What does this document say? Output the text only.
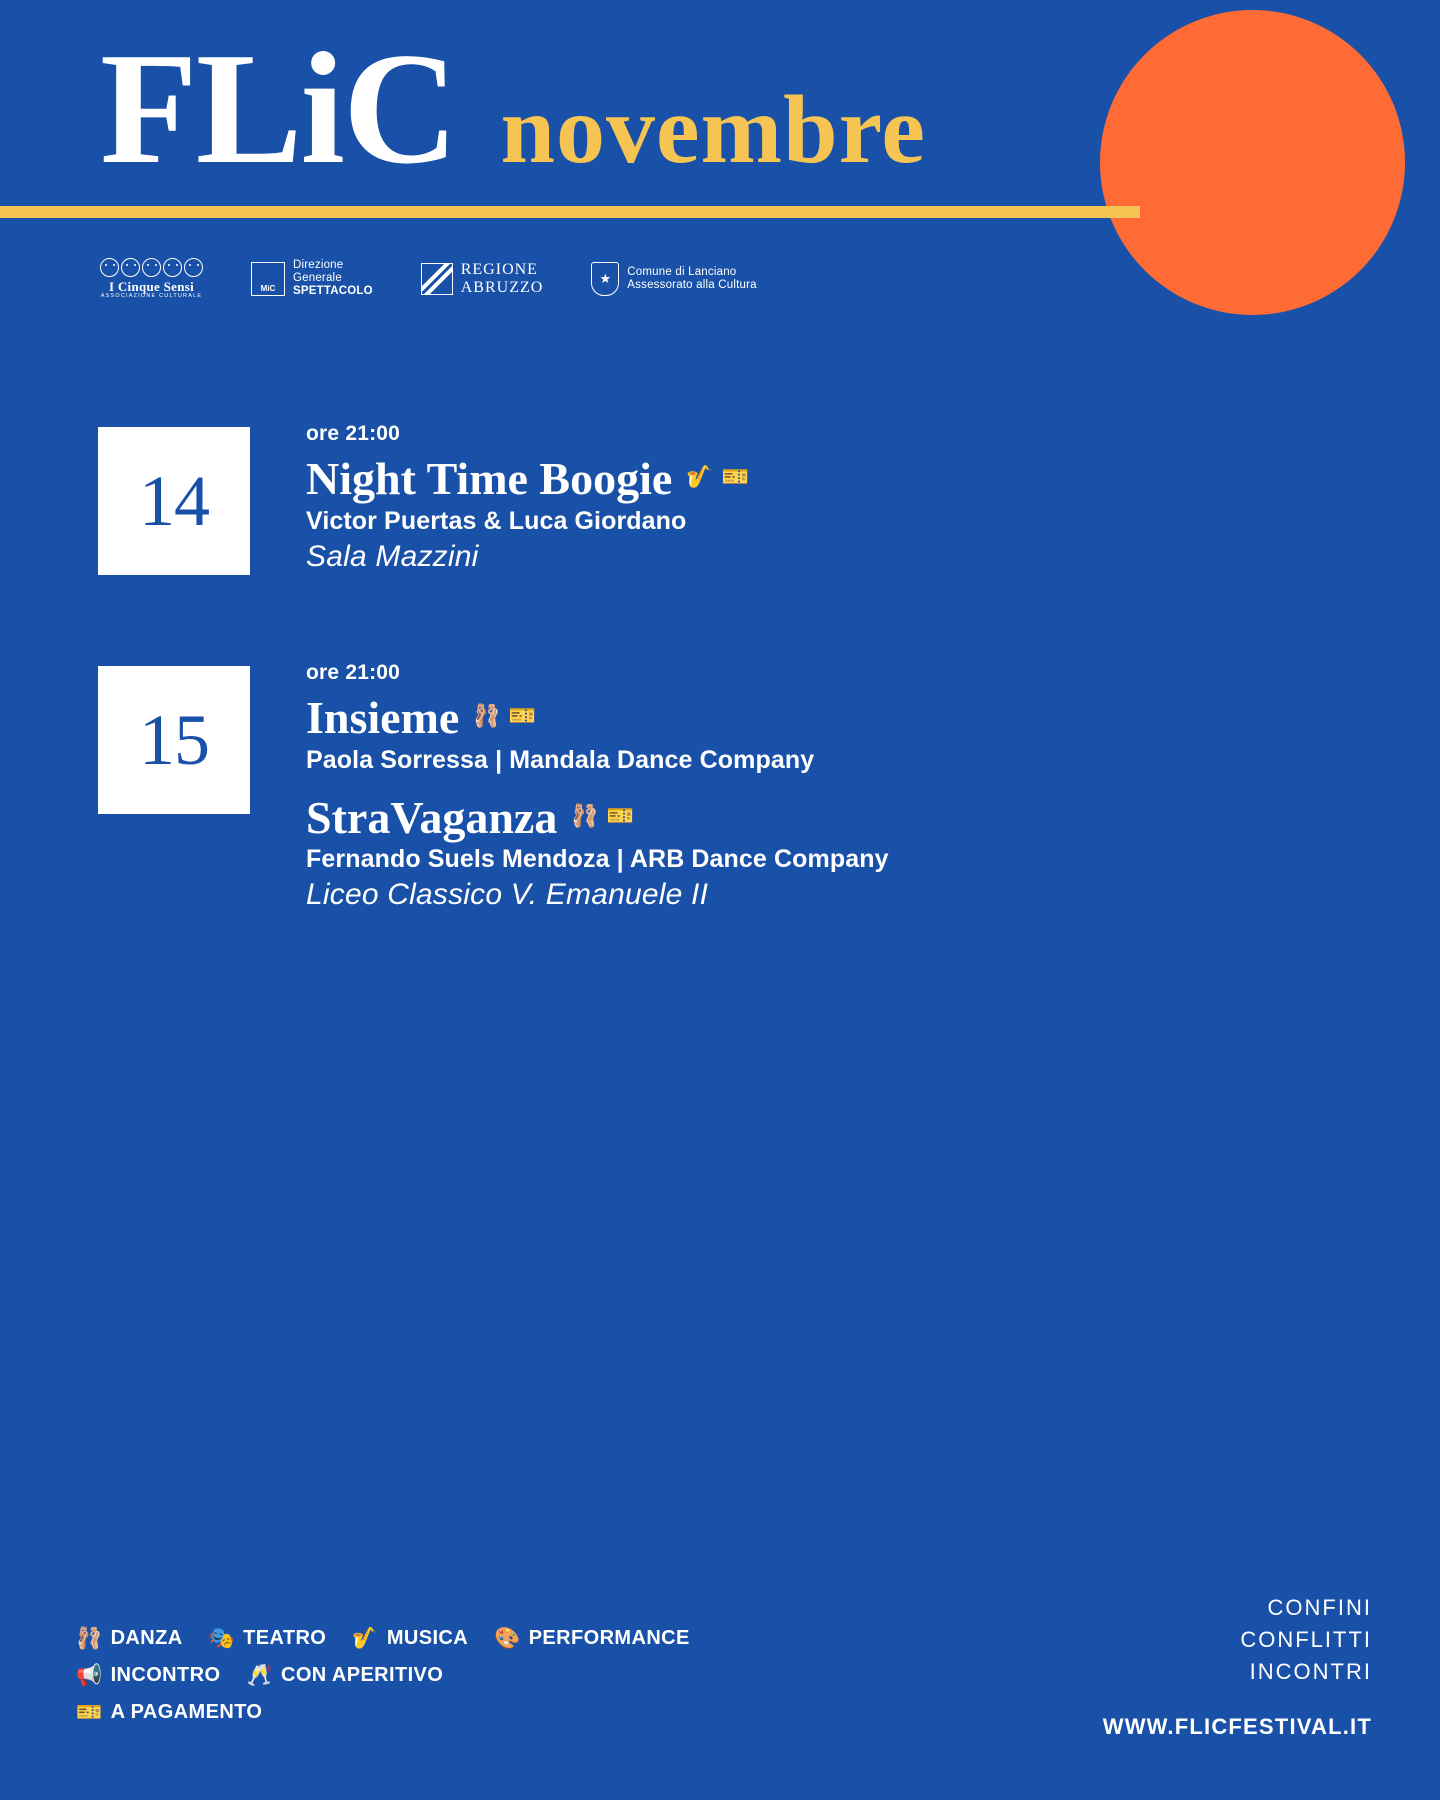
FLiC novembre
I Cinque Sensi
ASSOCIAZIONE CULTURALE
MiC
Direzione
Generale
SPETTACOLO
REGIONE
ABRUZZO
★	Comune di Lanciano
Assessorato alla Cultura
14
ore 21:00
Night Time Boogie 🎷 🎫
Victor Puertas & Luca Giordano
Sala Mazzini
15
ore 21:00
Insieme 🩰 🎫
Paola Sorressa | Mandala Dance Company
StraVaganza 🩰 🎫
Fernando Suels Mendoza | ARB Dance Company
Liceo Classico V. Emanuele II
🩰 DANZA 🎭 TEATRO 🎷 MUSICA 🎨 PERFORMANCE
📢 INCONTRO 🥂 CON APERITIVO
🎫 A PAGAMENTO
CONFINI
CONFLITTI
INCONTRI
WWW.FLICFESTIVAL.IT
